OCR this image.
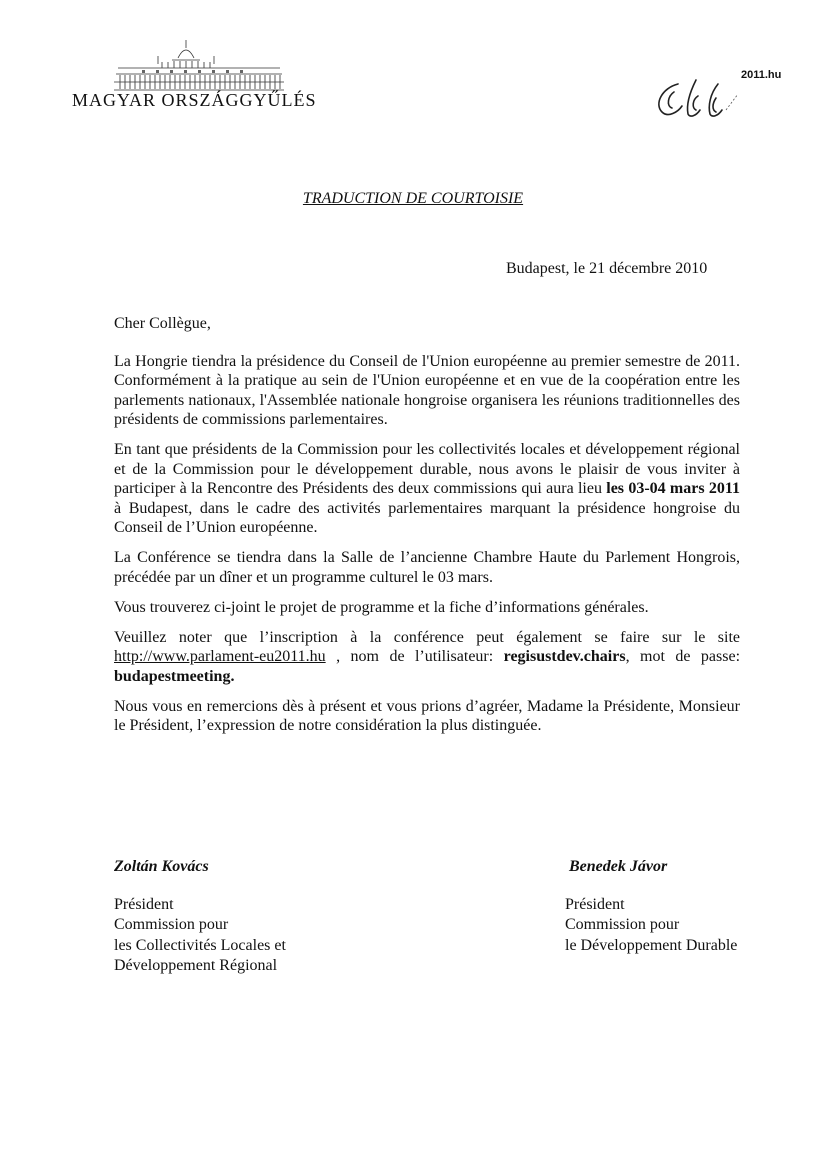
MAGYAR ORSZÁGGYŰLÉS
2011.hu
TRADUCTION DE COURTOISIE
Budapest, le 21 décembre 2010

Cher Collègue,

La Hongrie tiendra la présidence du Conseil de l'Union européenne au premier semestre de 2011. Conformément à la pratique au sein de l'Union européenne et en vue de la coopération entre les parlements nationaux, l'Assemblée nationale hongroise organisera les réunions traditionnelles des présidents de commissions parlementaires.

En tant que présidents de la Commission pour les collectivités locales et développement régional et de la Commission pour le développement durable, nous avons le plaisir de vous inviter à participer à la Rencontre des Présidents des deux commissions qui aura lieu les 03-04 mars 2011 à Budapest, dans le cadre des activités parlementaires marquant la présidence hongroise du Conseil de l’Union européenne.

La Conférence se tiendra dans la Salle de l’ancienne Chambre Haute du Parlement Hongrois, précédée par un dîner et un programme culturel le 03 mars.

Vous trouverez ci-joint le projet de programme et la fiche d’informations générales.

Veuillez noter que l’inscription à la conférence peut également se faire sur le site http://www.parlament-eu2011.hu , nom de l’utilisateur: regisustdev.chairs, mot de passe: budapestmeeting.

Nous vous en remercions dès à présent et vous prions d’agréer, Madame la Présidente, Monsieur le Président, l’expression de notre considération la plus distinguée.

Zoltán Kovács
Président
Commission pour
les Collectivités Locales et
Développement Régional
Benedek Jávor
Président
Commission pour
le Développement Durable
